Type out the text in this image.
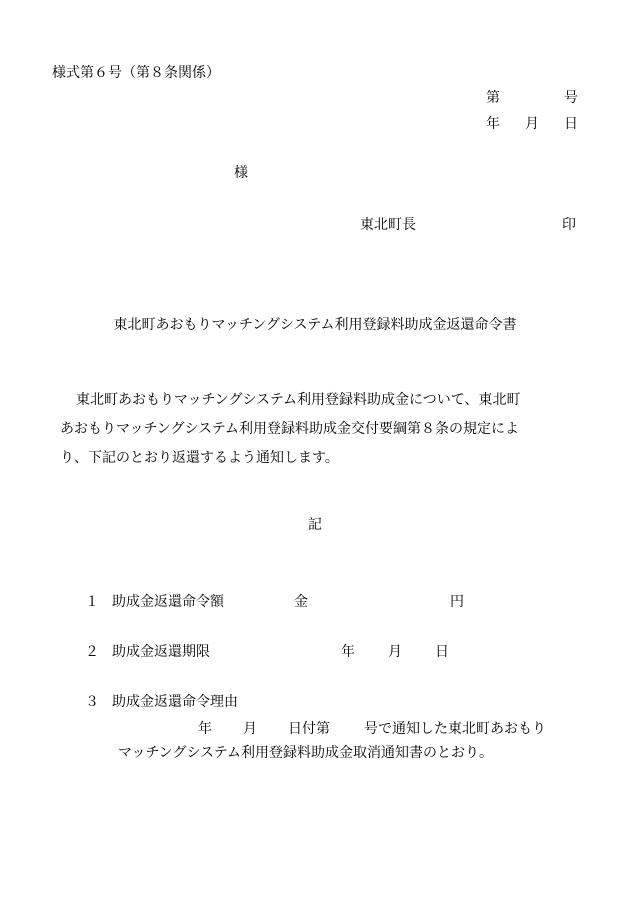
様式第６号（第８条関係）
第	号
年 月 日
様
東北町長	印
東北町あおもりマッチングシステム利用登録料助成金返還命令書
東北町あおもりマッチングシステム利用登録料助成金について、東北町
あおもりマッチングシステム利用登録料助成金交付要綱第８条の規定によ
り、下記のとおり返還するよう通知します。
記
１ 助成金返還命令額	金	円
２ 助成金返還期限	年 月 日
３ 助成金返還命令理由
年 月 日付第 号で通知した東北町あおもり
マッチングシステム利用登録料助成金取消通知書のとおり。
